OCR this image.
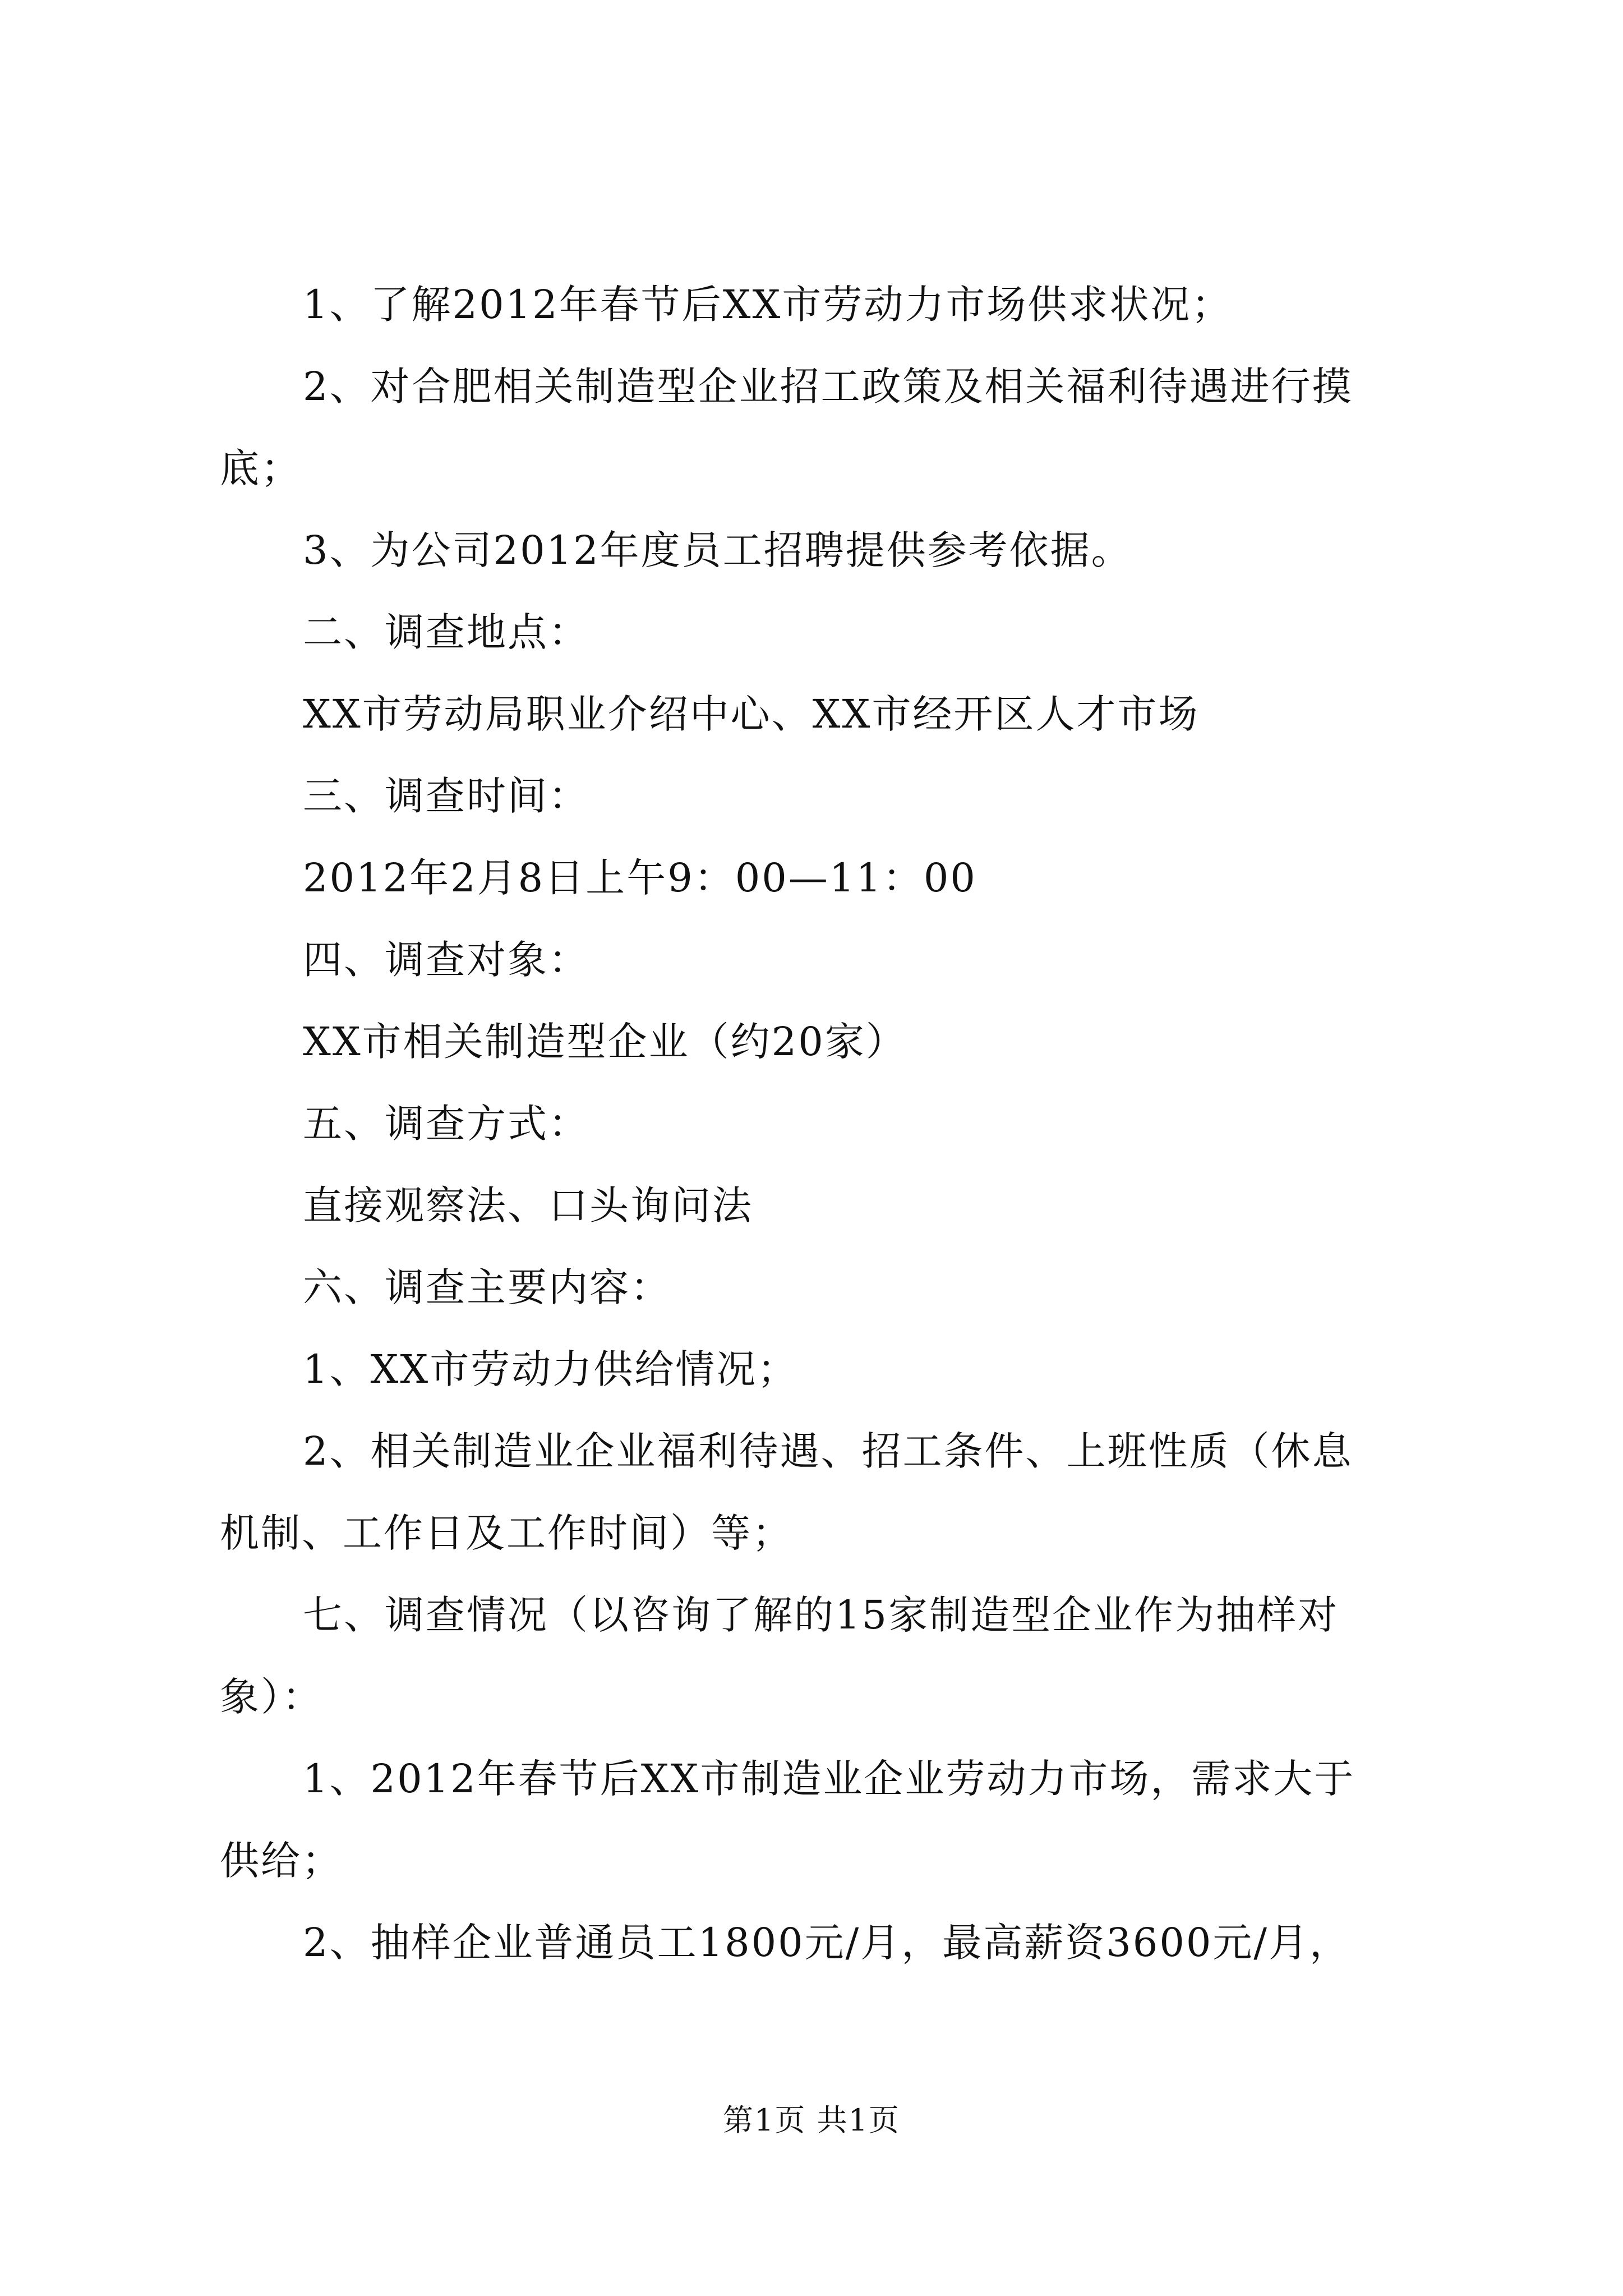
1、了解2012年春节后XX市劳动力市场供求状况；
2、对合肥相关制造型企业招工政策及相关福利待遇进行摸
底；
3、为公司2012年度员工招聘提供参考依据。
二、调查地点：
XX市劳动局职业介绍中心、XX市经开区人才市场
三、调查时间：
2012年2月8日上午9：00—11：00
四、调查对象：
XX市相关制造型企业（约20家）
五、调查方式：
直接观察法、口头询问法
六、调查主要内容：
1、XX市劳动力供给情况；
2、相关制造业企业福利待遇、招工条件、上班性质（休息
机制、工作日及工作时间）等；
七、调查情况（以咨询了解的15家制造型企业作为抽样对
象）：
1、2012年春节后XX市制造业企业劳动力市场，需求大于
供给；
2、抽样企业普通员工1800元/月，最高薪资3600元/月，
第1页 共1页
